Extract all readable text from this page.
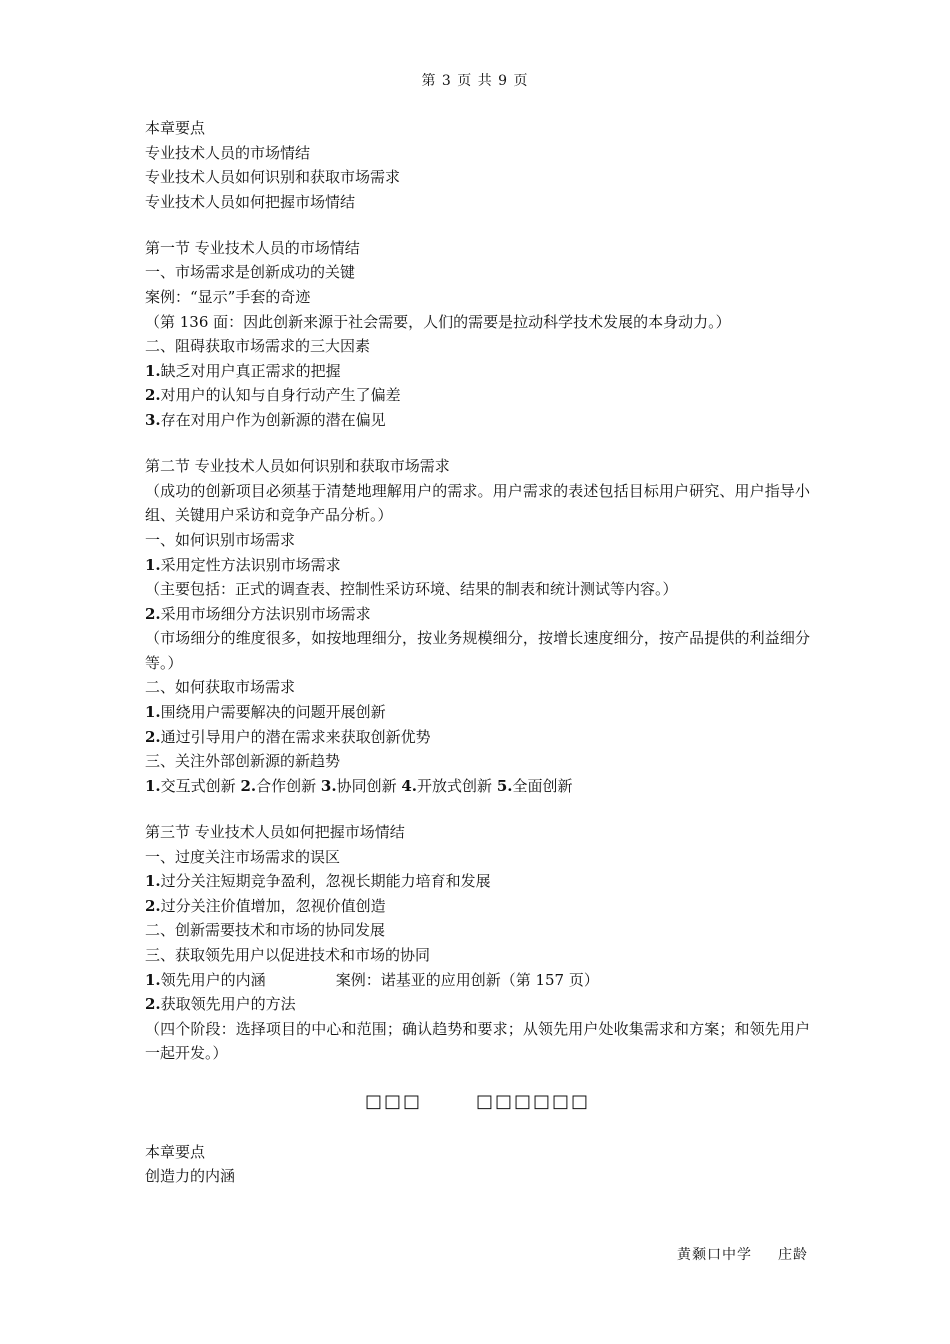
第 3 页 共 9 页
本章要点
专业技术人员的市场情结
专业技术人员如何识别和获取市场需求
专业技术人员如何把握市场情结
第一节 专业技术人员的市场情结
一、市场需求是创新成功的关键
案例：“显示”手套的奇迹
（第 136 面：因此创新来源于社会需要，人们的需要是拉动科学技术发展的本身动力。）
二、阻碍获取市场需求的三大因素
1.缺乏对用户真正需求的把握
2.对用户的认知与自身行动产生了偏差
3.存在对用户作为创新源的潜在偏见
第二节 专业技术人员如何识别和获取市场需求
（成功的创新项目必须基于清楚地理解用户的需求。用户需求的表述包括目标用户研究、用户指导小组、关键用户采访和竞争产品分析。）
一、如何识别市场需求
1.采用定性方法识别市场需求
（主要包括：正式的调查表、控制性采访环境、结果的制表和统计测试等内容。）
2.采用市场细分方法识别市场需求
（市场细分的维度很多，如按地理细分，按业务规模细分，按增长速度细分，按产品提供的利益细分等。）
二、如何获取市场需求
1.围绕用户需要解决的问题开展创新
2.通过引导用户的潜在需求来获取创新优势
三、关注外部创新源的新趋势
1.交互式创新 2.合作创新 3.协同创新 4.开放式创新 5.全面创新
第三节 专业技术人员如何把握市场情结
一、过度关注市场需求的误区
1.过分关注短期竞争盈利，忽视长期能力培育和发展
2.过分关注价值增加，忽视价值创造
二、创新需要技术和市场的协同发展
三、获取领先用户以促进技术和市场的协同
1.领先用户的内涵	案例：诺基亚的应用创新（第 157 页）
2.获取领先用户的方法
（四个阶段：选择项目的中心和范围；确认趋势和要求；从领先用户处收集需求和方案；和领先用户一起开发。）
□□□	□□□□□□
本章要点
创造力的内涵
黄颡口中学 庄龄
